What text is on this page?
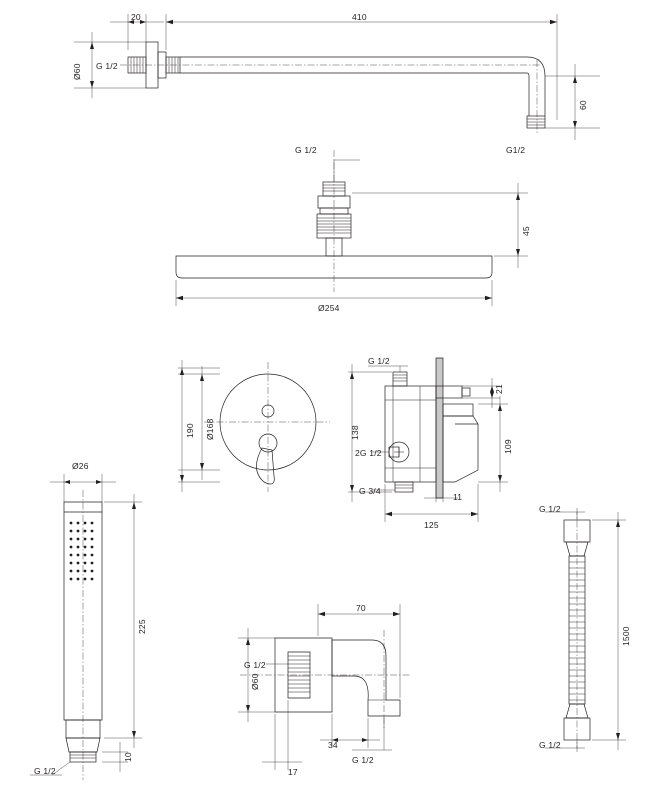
20	410
60
Ø60 G 1/2
G1/2
G 1/2
45
Ø254
Ø168
190
G 1/2
21
138
2G 1/2	109
G 3/4
11
125
Ø26
225
10
G 1/2
70
Ø60
G 1/2
34
17
G 1/2
G 1/2
1500
G 1/2
